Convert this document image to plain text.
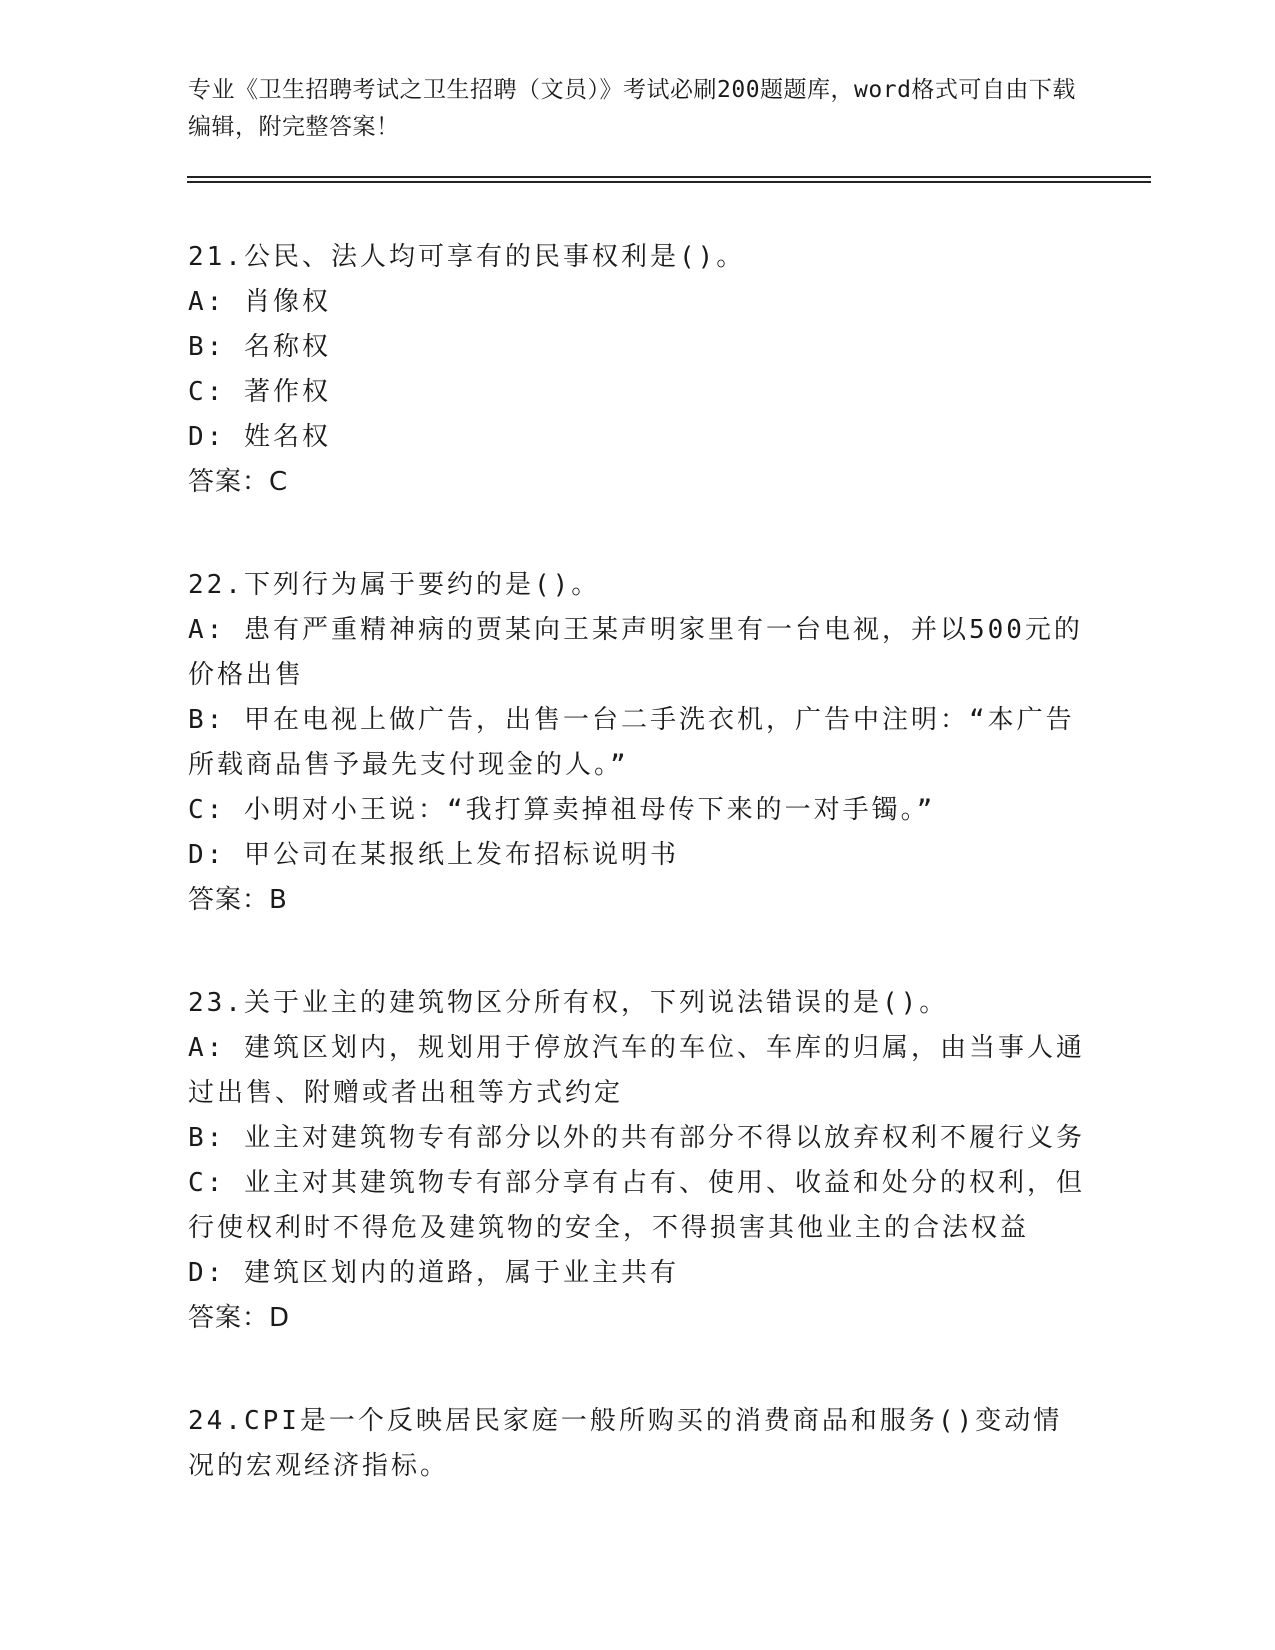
专业《卫生招聘考试之卫生招聘（文员）》考试必刷200题题库，word格式可自由下载编辑，附完整答案！

21.公民、法人均可享有的民事权利是()。

A: 肖像权

B: 名称权

C: 著作权

D: 姓名权

答案：C

22.下列行为属于要约的是()。

A: 患有严重精神病的贾某向王某声明家里有一台电视，并以500元的价格出售

B: 甲在电视上做广告，出售一台二手洗衣机，广告中注明：“本广告所载商品售予最先支付现金的人。”

C: 小明对小王说：“我打算卖掉祖母传下来的一对手镯。”

D: 甲公司在某报纸上发布招标说明书

答案：B

23.关于业主的建筑物区分所有权，下列说法错误的是()。

A: 建筑区划内，规划用于停放汽车的车位、车库的归属，由当事人通过出售、附赠或者出租等方式约定

B: 业主对建筑物专有部分以外的共有部分不得以放弃权利不履行义务

C: 业主对其建筑物专有部分享有占有、使用、收益和处分的权利，但行使权利时不得危及建筑物的安全，不得损害其他业主的合法权益

D: 建筑区划内的道路，属于业主共有

答案：D

24.CPI是一个反映居民家庭一般所购买的消费商品和服务()变动情况的宏观经济指标。
